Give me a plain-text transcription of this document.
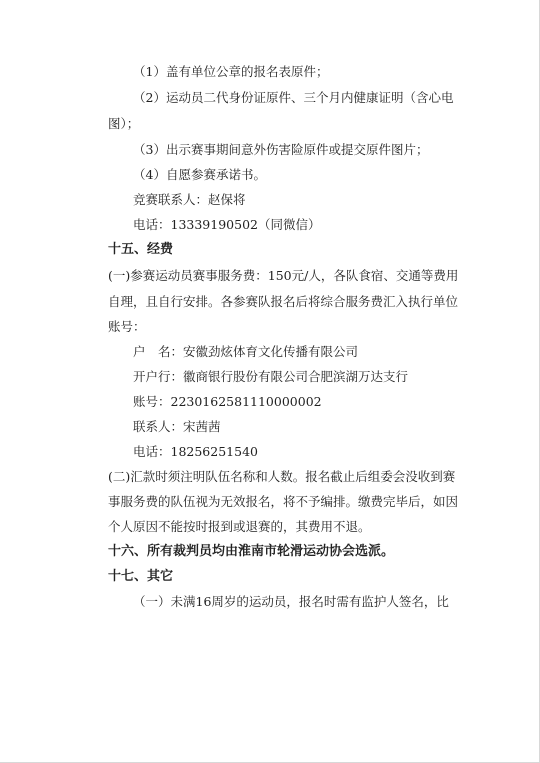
（1）盖有单位公章的报名表原件；
（2）运动员二代身份证原件、三个月内健康证明（含心电
图）；
（3）出示赛事期间意外伤害险原件或提交原件图片；
（4）自愿参赛承诺书。
竞赛联系人：赵保将
电话：13339190502（同微信）
十五、经费
(一)参赛运动员赛事服务费：150元/人，各队食宿、交通等费用
自理，且自行安排。各参赛队报名后将综合服务费汇入执行单位
账号：
户　名：安徽劲炫体育文化传播有限公司
开户行：徽商银行股份有限公司合肥滨湖万达支行
账号：2230162581110000002
联系人：宋茜茜
电话：18256251540
(二)汇款时须注明队伍名称和人数。报名截止后组委会没收到赛
事服务费的队伍视为无效报名，将不予编排。缴费完毕后，如因
个人原因不能按时报到或退赛的，其费用不退。
十六、所有裁判员均由淮南市轮滑运动协会选派。
十七、其它
（一）未满16周岁的运动员，报名时需有监护人签名，比
